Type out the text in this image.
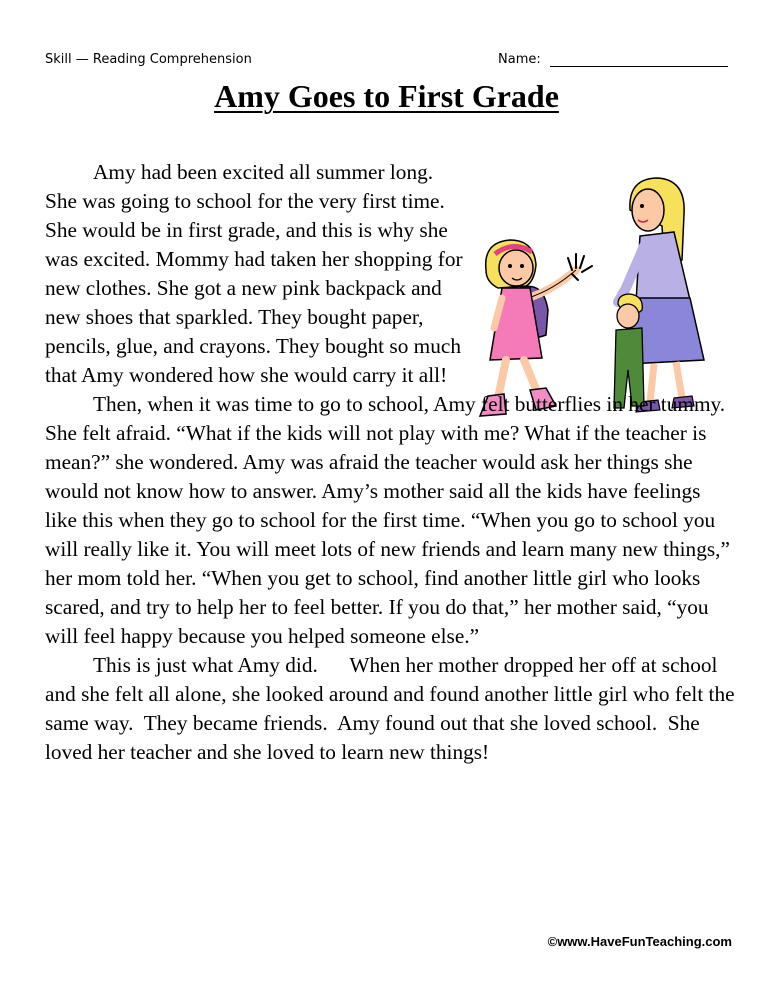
Skill — Reading Comprehension	Name:
Amy Goes to First Grade

Amy had been excited all summer long. She was going to school for the very first time. She would be in first grade, and this is why she was excited. Mommy had taken her shopping for new clothes. She got a new pink backpack and new shoes that sparkled. They bought paper, pencils, glue, and crayons. They bought so much that Amy wondered how she would carry it all!

Then, when it was time to go to school, Amy felt butterflies in her tummy. She felt afraid. “What if the kids will not play with me? What if the teacher is mean?” she wondered. Amy was afraid the teacher would ask her things she would not know how to answer. Amy’s mother said all the kids have feelings like this when they go to school for the first time. “When you go to school you will really like it. You will meet lots of new friends and learn many new things,” her mom told her. “When you get to school, find another little girl who looks scared, and try to help her to feel better. If you do that,” her mother said, “you will feel happy because you helped someone else.”

This is just what Amy did.      When her mother dropped her off at school and she felt all alone, she looked around and found another little girl who felt the same way.  They became friends.  Amy found out that she loved school.  She loved her teacher and she loved to learn new things!

©www.HaveFunTeaching.com
